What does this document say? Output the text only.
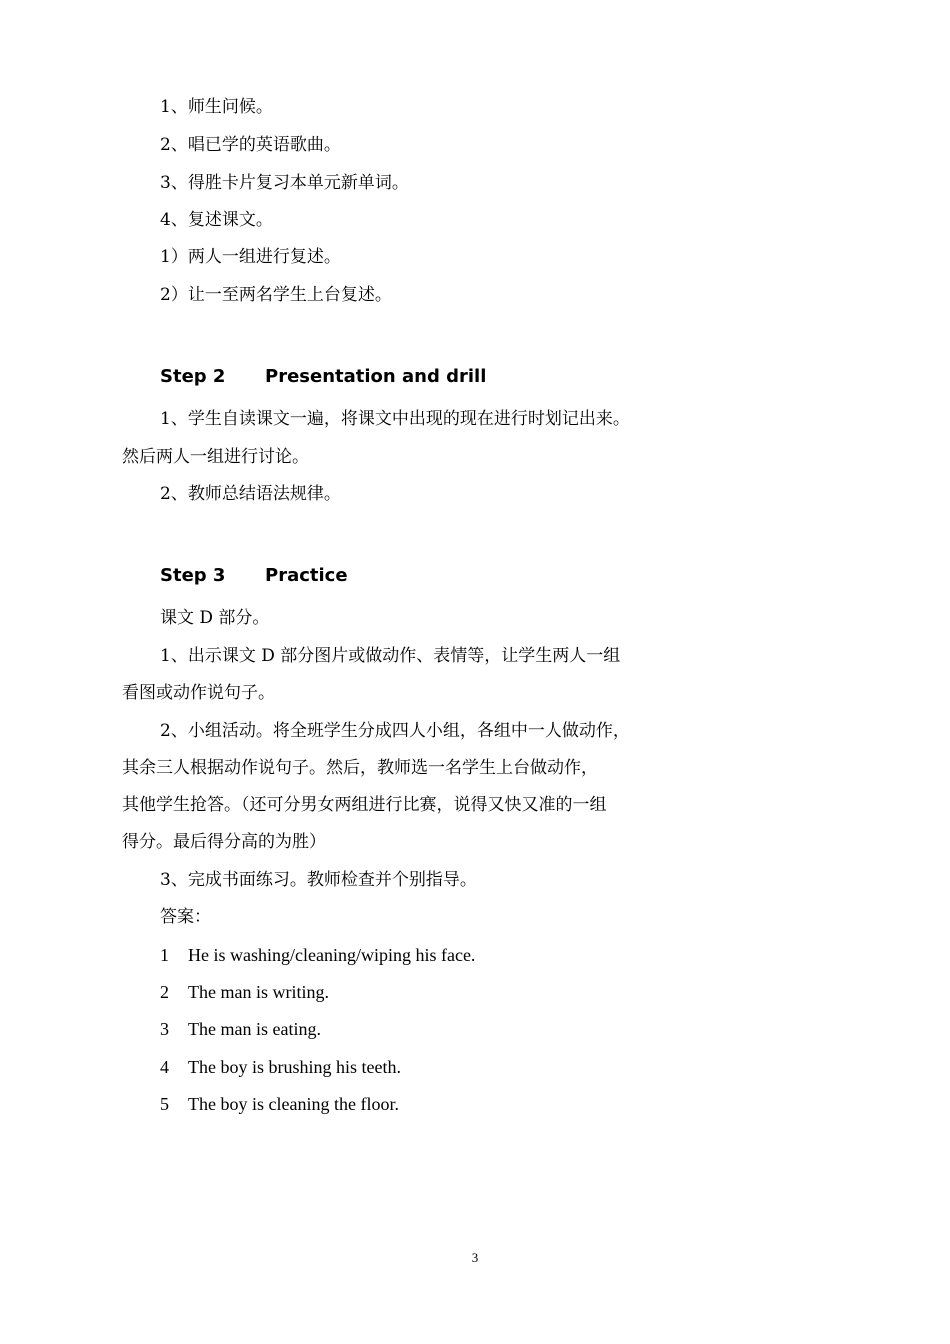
1、师生问候。
2、唱已学的英语歌曲。
3、得胜卡片复习本单元新单词。
4、复述课文。
1）两人一组进行复述。
2）让一至两名学生上台复述。
Step 2 Presentation and drill
1、学生自读课文一遍，将课文中出现的现在进行时划记出来。
然后两人一组进行讨论。
2、教师总结语法规律。
Step 3 Practice
课文 D 部分。
1、出示课文 D 部分图片或做动作、表情等，让学生两人一组
看图或动作说句子。
2、小组活动。将全班学生分成四人小组，各组中一人做动作，
其余三人根据动作说句子。然后，教师选一名学生上台做动作，
其他学生抢答。（还可分男女两组进行比赛，说得又快又准的一组
得分。最后得分高的为胜）
3、完成书面练习。教师检查并个别指导。
答案：
1 He is washing/cleaning/wiping his face.
2 The man is writing.
3 The man is eating.
4 The boy is brushing his teeth.
5 The boy is cleaning the floor.
3
